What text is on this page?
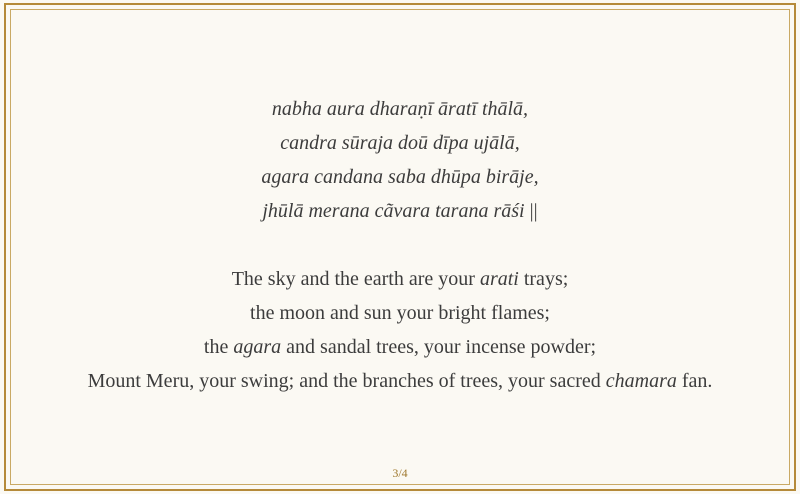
nabha aura dharaṇī āratī thālā,
candra sūraja doū dīpa ujālā,
agara candana saba dhūpa birāje,
jhūlā merana cãvara tarana rāśi ||
The sky and the earth are your arati trays;
the moon and sun your bright flames;
the agara and sandal trees, your incense powder;
Mount Meru, your swing; and the branches of trees, your sacred chamara fan.
3/4
